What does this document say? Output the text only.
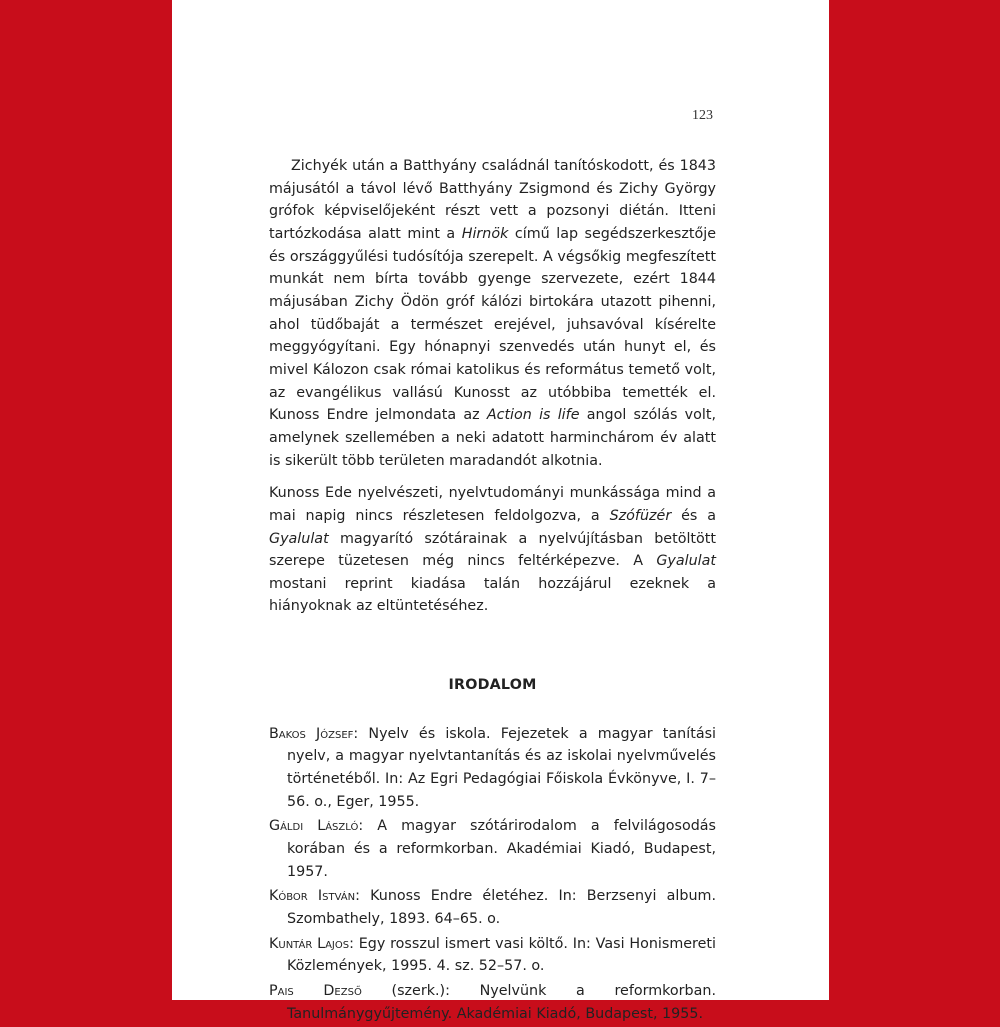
123

Zichyék után a Batthyány családnál tanítóskodott, és 1843 májusától a távol lévő Batthyány Zsigmond és Zichy György grófok képviselőjeként részt vett a pozsonyi diétán. Itteni tartózkodása alatt mint a Hirnök című lap segédszerkesztője és országgyűlési tudósítója szerepelt. A végsőkig megfeszített munkát nem bírta tovább gyenge szervezete, ezért 1844 májusában Zichy Ödön gróf kálózi birtokára utazott pihenni, ahol tüdőbaját a természet erejével, juhsavóval kísérelte meggyógyítani. Egy hónapnyi szenvedés után hunyt el, és mivel Kálozon csak római katolikus és református temető volt, az evangélikus vallású Kunosst az utóbbiba temették el. Kunoss Endre jelmondata az Action is life angol szólás volt, amelynek szellemében a neki adatott harminchárom év alatt is sikerült több területen maradandót alkotnia.

Kunoss Ede nyelvészeti, nyelvtudományi munkássága mind a mai napig nincs részletesen feldolgozva, a Szófüzér és a Gyalulat magyarító szótárainak a nyelvújításban betöltött szerepe tüzetesen még nincs feltérképezve. A Gyalulat mostani reprint kiadása talán hozzájárul ezeknek a hiányoknak az eltüntetéséhez.

IRODALOM

Bakos József: Nyelv és iskola. Fejezetek a magyar tanítási nyelv, a magyar nyelvtantanítás és az iskolai nyelvművelés történetéből. In: Az Egri Pedagógiai Főiskola Évkönyve, I. 7–56. o., Eger, 1955.

Gáldi László: A magyar szótárirodalom a felvilágosodás korában és a reformkorban. Akadémiai Kiadó, Budapest, 1957.

Kóbor István: Kunoss Endre életéhez. In: Berzsenyi album. Szombathely, 1893. 64–65. o.

Kuntár Lajos: Egy rosszul ismert vasi költő. In: Vasi Honismereti Közlemények, 1995. 4. sz. 52–57. o.

Pais Dezső (szerk.): Nyelvünk a reformkorban. Tanulmánygyűjtemény. Akadémiai Kiadó, Budapest, 1955.
